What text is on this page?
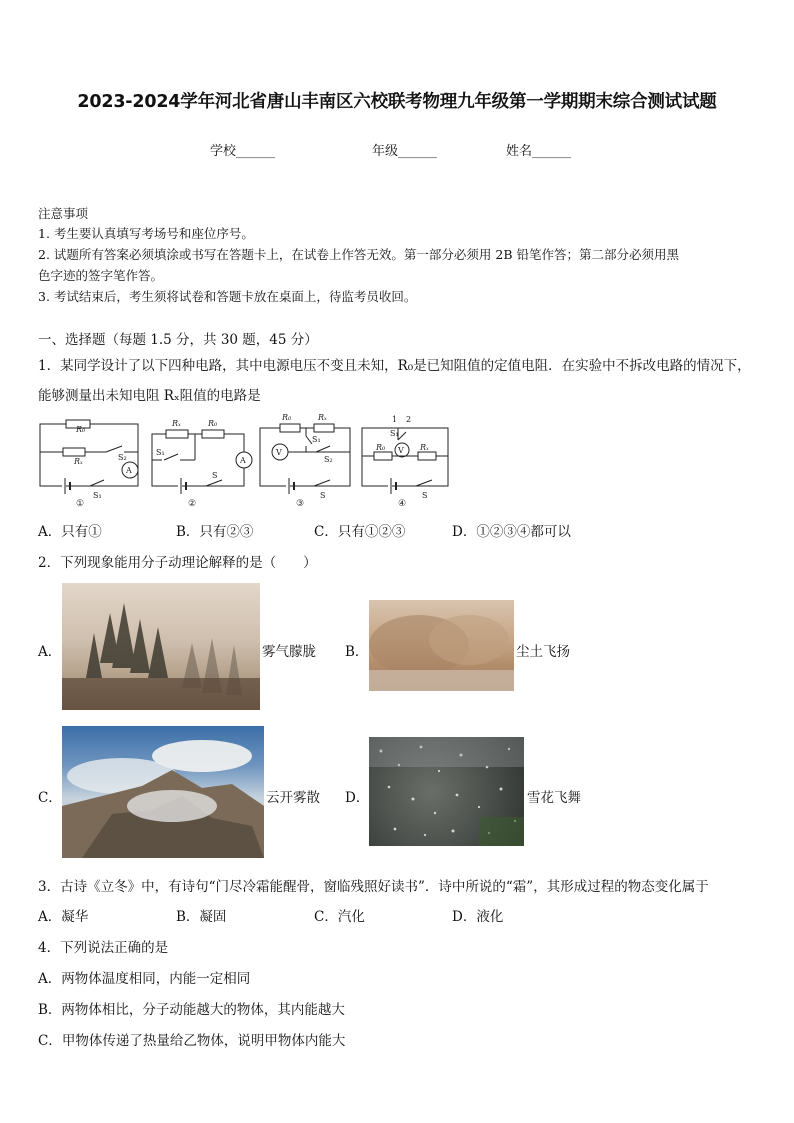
2023-2024学年河北省唐山丰南区六校联考物理九年级第一学期期末综合测试试题
学校______	年级______	姓名______
注意事项
1. 考生要认真填写考场号和座位序号。
2. 试题所有答案必须填涂或书写在答题卡上，在试卷上作答无效。第一部分必须用 2B 铅笔作答；第二部分必须用黑
色字迹的签字笔作答。
3. 考试结束后，考生须将试卷和答题卡放在桌面上，待监考员收回。
一、选择题（每题 1.5 分，共 30 题，45 分）
1．某同学设计了以下四种电路，其中电源电压不变且未知，R₀是已知阻值的定值电阻．在实验中不拆改电路的情况下，
能够测量出未知电阻 Rₓ阻值的电路是
R₀
Rₓ	S₂
A
S₁
①
Rₓ	R₀
S₁
S
A
②
R₀	Rₓ
S₁
S₂
V
S
③
1 2
S₁
V
R₀	Rₓ
S
④
A．只有①	B．只有②③	C．只有①②③	D．①②③④都可以
2．下列现象能用分子动理论解释的是（　　）
A．	雾气朦胧 B．	尘土飞扬
C．	云开雾散 D．	雪花飞舞
3．古诗《立冬》中，有诗句“门尽冷霜能醒骨，窗临残照好读书”．诗中所说的“霜”，其形成过程的物态变化属于
A．凝华	B．凝固	C．汽化	D．液化
4．下列说法正确的是
A．两物体温度相同，内能一定相同
B．两物体相比，分子动能越大的物体，其内能越大
C．甲物体传递了热量给乙物体，说明甲物体内能大
